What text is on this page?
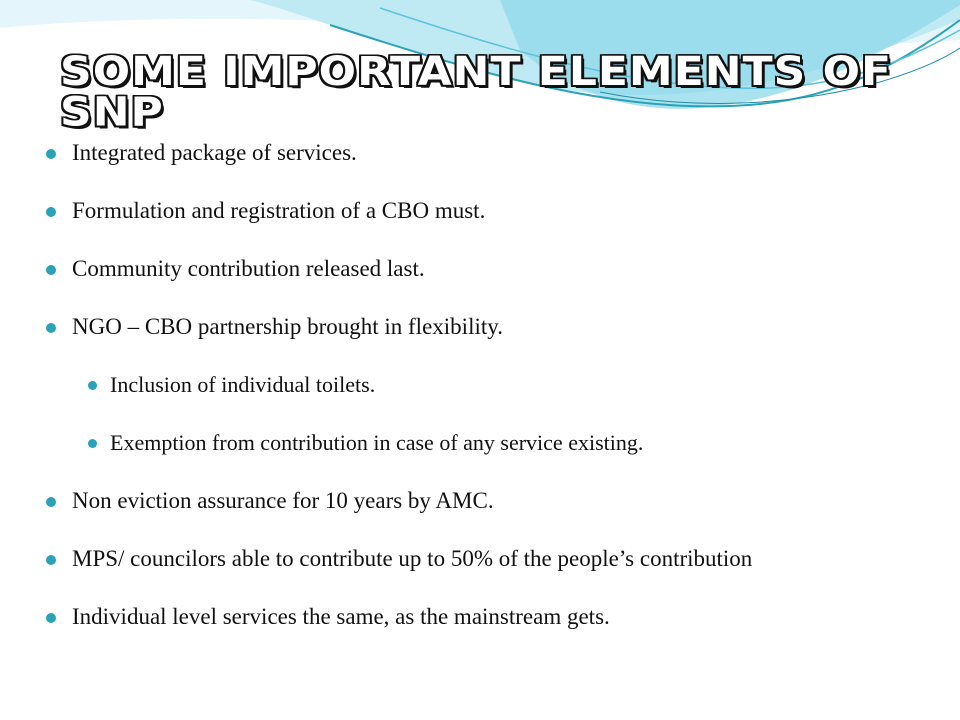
SOME IMPORTANT ELEMENTS OF SNP
Integrated package of services.
Formulation and registration of a CBO must.
Community contribution released last.
NGO – CBO partnership brought in flexibility.
Inclusion of individual toilets.
Exemption from contribution in case of any service existing.
Non eviction assurance for 10 years by AMC.
MPS/ councilors able to contribute up to 50% of the people’s contribution
Individual level services the same, as the mainstream gets.
